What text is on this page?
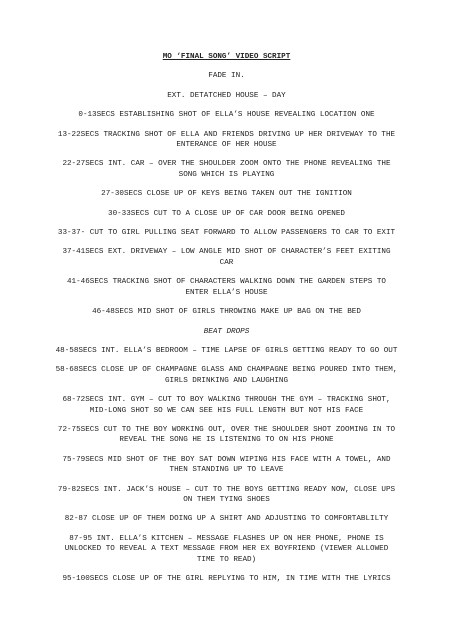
MO ‘FINAL SONG’ VIDEO SCRIPT
FADE IN.
EXT. DETATCHED HOUSE – DAY
0-13SECS ESTABLISHING SHOT OF ELLA’S HOUSE REVEALING LOCATION ONE
13-22SECS TRACKING SHOT OF ELLA AND FRIENDS DRIVING UP HER DRIVEWAY TO THE ENTERANCE OF HER HOUSE
22-27SECS INT. CAR – OVER THE SHOULDER ZOOM ONTO THE PHONE REVEALING THE SONG WHICH IS PLAYING
27-30SECS CLOSE UP OF KEYS BEING TAKEN OUT THE IGNITION
30-33SECS CUT TO A CLOSE UP OF CAR DOOR BEING OPENED
33-37- CUT TO GIRL PULLING SEAT FORWARD TO ALLOW PASSENGERS TO CAR TO EXIT
37-41SECS EXT. DRIVEWAY – LOW ANGLE MID SHOT OF CHARACTER’S FEET EXITING CAR
41-46SECS TRACKING SHOT OF CHARACTERS WALKING DOWN THE GARDEN STEPS TO ENTER ELLA’S HOUSE
46-48SECS MID SHOT OF GIRLS THROWING MAKE UP BAG ON THE BED
BEAT DROPS
48-58SECS INT. ELLA’S BEDROOM – TIME LAPSE OF GIRLS GETTING READY TO GO OUT
58-68SECS CLOSE UP OF CHAMPAGNE GLASS AND CHAMPAGNE BEING POURED INTO THEM, GIRLS DRINKING AND LAUGHING
68-72SECS INT. GYM – CUT TO BOY WALKING THROUGH THE GYM – TRACKING SHOT, MID-LONG SHOT SO WE CAN SEE HIS FULL LENGTH BUT NOT HIS FACE
72-75SECS CUT TO THE BOY WORKING OUT, OVER THE SHOULDER SHOT ZOOMING IN TO REVEAL THE SONG HE IS LISTENING TO ON HIS PHONE
75-79SECS MID SHOT OF THE BOY SAT DOWN WIPING HIS FACE WITH A TOWEL, AND THEN STANDING UP TO LEAVE
79-82SECS INT. JACK’S HOUSE – CUT TO THE BOYS GETTING READY NOW, CLOSE UPS ON THEM TYING SHOES
82-87 CLOSE UP OF THEM DOING UP A SHIRT AND ADJUSTING TO COMFORTABLILTY
87-95 INT. ELLA’S KITCHEN – MESSAGE FLASHES UP ON HER PHONE, PHONE IS UNLOCKED TO REVEAL A TEXT MESSAGE FROM HER EX BOYFRIEND (VIEWER ALLOWED TIME TO READ)
95-100SECS CLOSE UP OF THE GIRL REPLYING TO HIM, IN TIME WITH THE LYRICS
